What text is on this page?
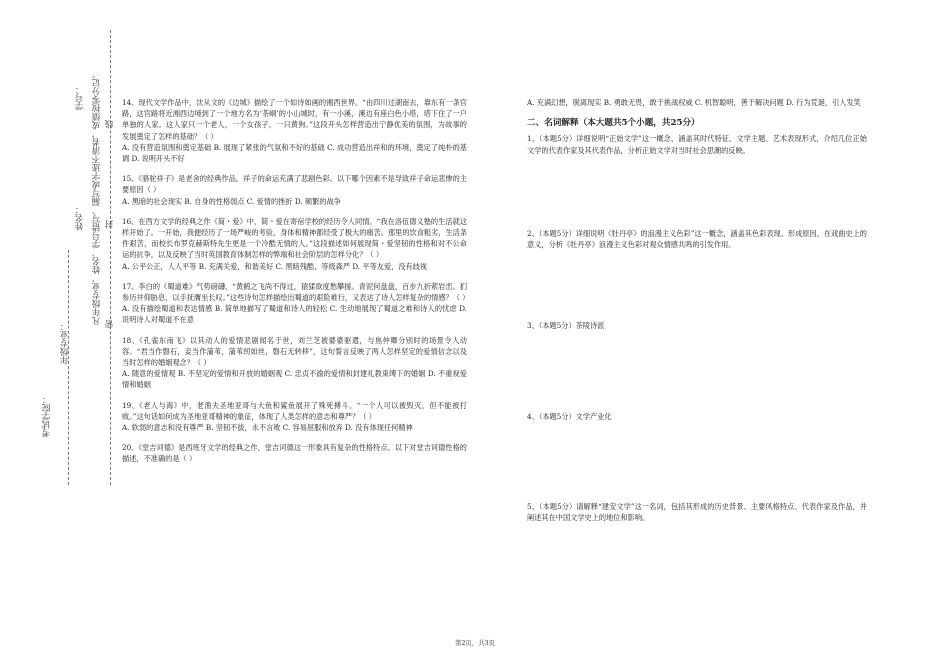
考试学院：
年级专业：
姓名：
学号： 凡年级专业、姓名、学号错写、漏写或字迹不清者，成绩按零分记。 密
封
线

14、现代文学作品中，沈从文的《边城》描绘了一个如诗如画的湘西世界。“由四川过湖南去，靠东有一条官路，这官路将近湘西边境到了一个地方名为‘茶峒’的小山城时，有一小溪，溪边有座白色小塔，塔下住了一户单独的人家。这人家只一个老人，一个女孩子，一只黄狗。”这段开头怎样营造出宁静优美的氛围，为故事的发展奠定了怎样的基础？（ ）

A. 没有营造氛围和奠定基础 B. 展现了紧张的气氛和不好的基础 C. 成功营造出祥和的环境，奠定了纯朴的基调 D. 说明开头不好

15、《骆驼祥子》是老舍的经典作品，祥子的命运充满了悲剧色彩。以下哪个因素不是导致祥子命运悲惨的主要原因（ ）

A. 黑暗的社会现实 B. 自身的性格弱点 C. 爱情的挫折 D. 频繁的战争

16、在西方文学的经典之作《简・爱》中，简・爱在寄宿学校的经历令人同情。“我在洛伍德义塾的生活就这样开始了。一开始，我便经历了一场严峻的考验，身体和精神都经受了极大的痛苦。那里的饮食粗劣，生活条件艰苦，而校长布罗克赫斯特先生更是一个冷酷无情的人。”这段描述如何展现简・爱坚韧的性格和对不公命运的抗争，以及反映了当时英国教育体制怎样的弊端和社会阶层的怎样分化？（ ）

A. 公平公正，人人平等 B. 充满关爱，和谐美好 C. 黑暗残酷，等级森严 D. 平等友爱，没有歧视

17、李白的《蜀道难》气势磅礴，“黄鹤之飞尚不得过，猿猱欲度愁攀援。青泥何盘盘，百步九折萦岩峦。扪参历井仰胁息，以手抚膺坐长叹。”这些诗句怎样描绘出蜀道的艰险难行，又表达了诗人怎样复杂的情感？（ ）

A. 没有描绘蜀道和表达情感 B. 简单地描写了蜀道和诗人的轻松 C. 生动地展现了蜀道之难和诗人的忧虑 D. 说明诗人对蜀道不在意

18、《孔雀东南飞》以其动人的爱情悲剧闻名于世，刘兰芝被婆婆驱遣，与焦仲卿分别时的场景令人动容。“君当作磐石，妾当作蒲苇，蒲苇纫如丝，磐石无转移”，这句誓言反映了两人怎样坚定的爱情信念以及当时怎样的婚姻观念？（ ）

A. 随意的爱情观 B. 不坚定的爱情和开放的婚姻观 C. 忠贞不渝的爱情和封建礼教束缚下的婚姻 D. 不重视爱情和婚姻

19、《老人与海》中，老渔夫圣地亚哥与大鱼和鲨鱼展开了殊死搏斗。“一个人可以被毁灭，但不能被打败。”这句话如何成为圣地亚哥精神的象征，体现了人类怎样的意志和尊严？（ ）

A. 软弱的意志和没有尊严 B. 坚韧不拔，永不言败 C. 容易屈服和放弃 D. 没有体现任何精神

20、《堂吉诃德》是西班牙文学的经典之作，堂吉诃德这一形象具有复杂的性格特点。以下对堂吉诃德性格的描述，不准确的是（ ）

A. 充满幻想，脱离现实 B. 勇敢无畏，敢于挑战权威 C. 机智聪明，善于解决问题 D. 行为荒诞，引人发笑

二、名词解释（本大题共5个小题，共25分）

1、（本题5分）详细说明“正始文学”这一概念，涵盖其时代特征、文学主题、艺术表现形式，介绍几位正始文学的代表作家及其代表作品，分析正始文学对当时社会思潮的反映。

2、（本题5分）详细说明《牡丹亭》的浪漫主义色彩”这一概念，涵盖其色彩表现、形成原因、在戏曲史上的意义，分析《牡丹亭》浪漫主义色彩对观众情感共鸣的引发作用。

3、（本题5分）茶陵诗派

4、（本题5分）文学产业化

5、（本题5分）请解释“建安文学”这一名词，包括其形成的历史背景、主要风格特点、代表作家及作品，并阐述其在中国文学史上的地位和影响。

第2页，共3页
